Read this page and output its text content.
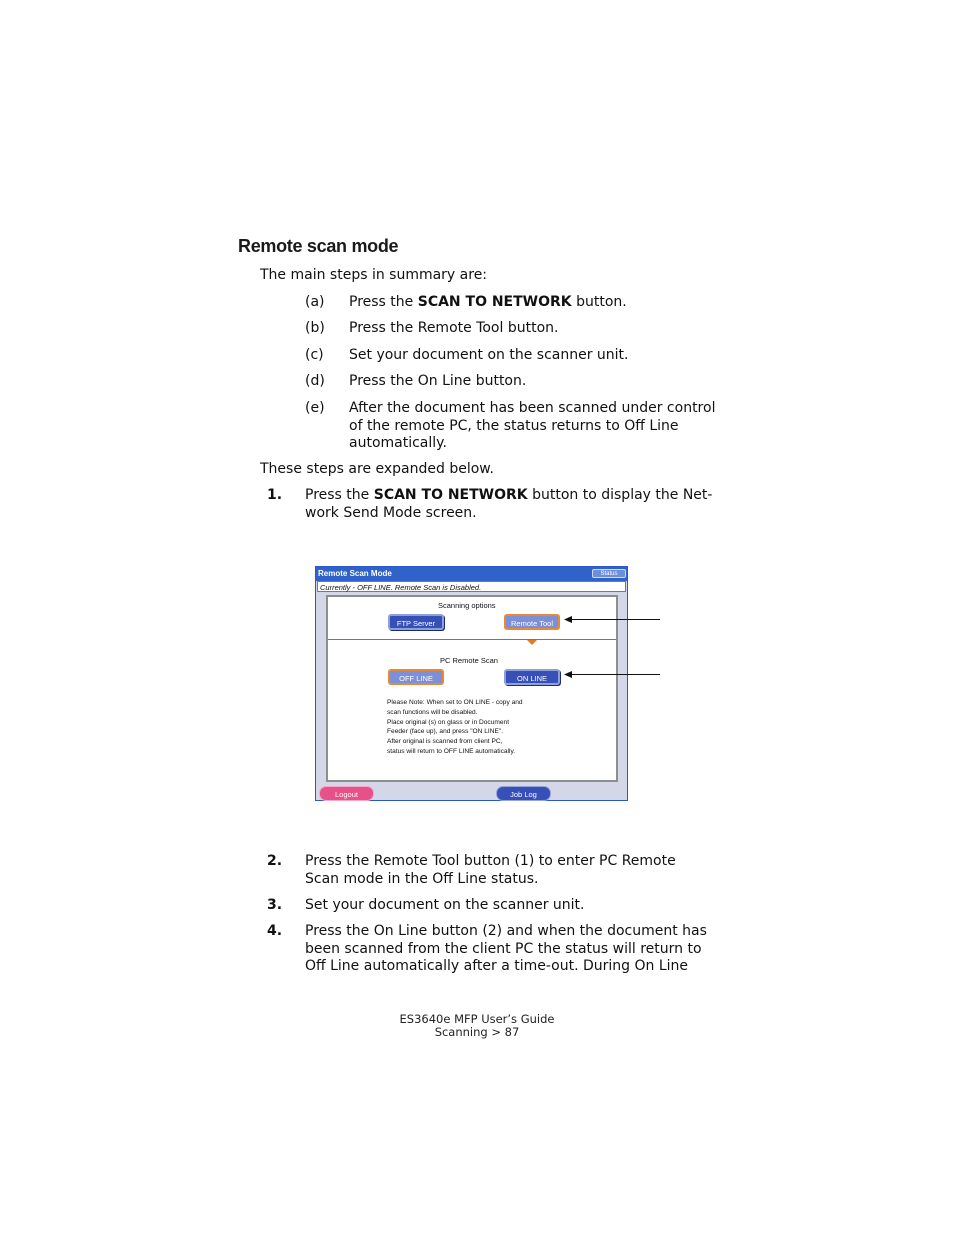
Remote scan mode
The main steps in summary are:
(a) Press the SCAN TO NETWORK button.
(b) Press the Remote Tool button.
(c) Set your document on the scanner unit.
(d) Press the On Line button.
(e) After the document has been scanned under control of the remote PC, the status returns to Off Line automatically.
These steps are expanded below.
1. Press the SCAN TO NETWORK button to display the Net-work Send Mode screen.
Remote Scan Mode	Status
Currently - OFF LINE. Remote Scan is Disabled.
Scanning options
FTP Server	Remote Tool
PC Remote Scan
OFF LINE	ON LINE
Please Note: When set to ON LINE - copy and
scan functions will be disabled.
Place original (s) on glass or in Document
Feeder (face up), and press "ON LINE".
After original is scanned from client PC,
status will return to OFF LINE automatically.
Logout	Job Log
2. Press the Remote Tool button (1) to enter PC Remote Scan mode in the Off Line status.
3. Set your document on the scanner unit.
4. Press the On Line button (2) and when the document has been scanned from the client PC the status will return to Off Line automatically after a time-out. During On Line
ES3640e MFP User’s Guide
Scanning > 87
